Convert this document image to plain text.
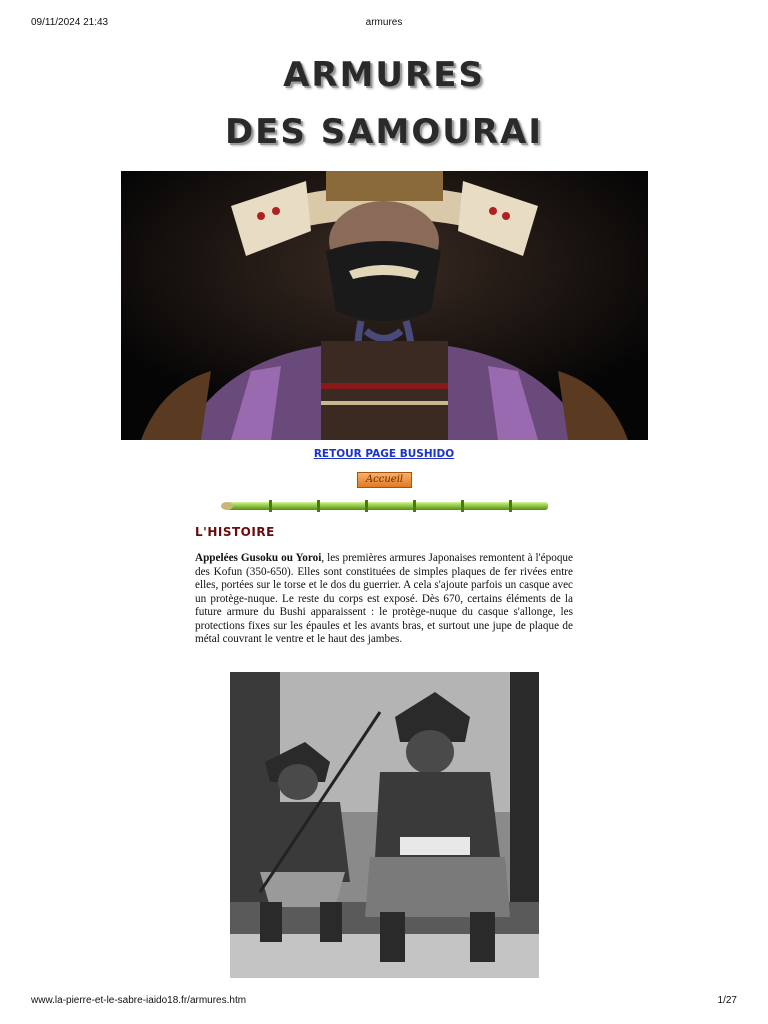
09/11/2024 21:43	armures
ARMURES
DES SAMOURAI
RETOUR PAGE BUSHIDO
Accueil
L'HISTOIRE
Appelées Gusoku ou Yoroi, les premières armures Japonaises remontent à l'époque des Kofun (350-650). Elles sont constituées de simples plaques de fer rivées entre elles, portées sur le torse et le dos du guerrier. A cela s'ajoute parfois un casque avec un protège-nuque. Le reste du corps est exposé. Dès 670, certains éléments de la future armure du Bushi apparaissent : le protège-nuque du casque s'allonge, les protections fixes sur les épaules et les avants bras, et surtout une jupe de plaque de métal couvrant le ventre et le haut des jambes.
www.la-pierre-et-le-sabre-iaido18.fr/armures.htm	1/27
